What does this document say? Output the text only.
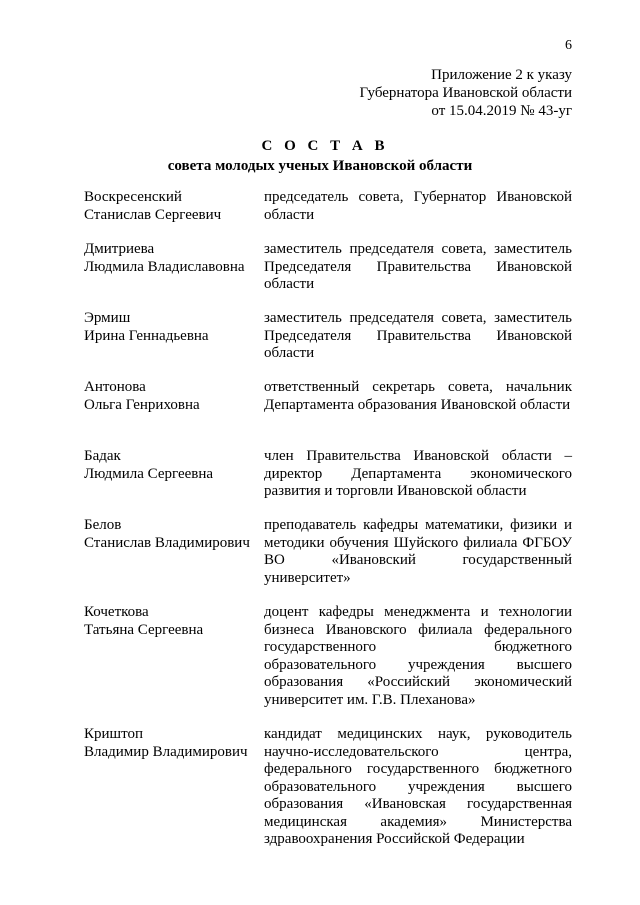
6
Приложение 2 к указу
Губернатора Ивановской области
от 15.04.2019 № 43-уг
С О С Т А В
совета молодых ученых Ивановской области
Воскресенский
Станислав Сергеевич
председатель совета, Губернатор Ивановской области
Дмитриева
Людмила Владиславовна
заместитель председателя совета, заместитель Председателя Правительства Ивановской области
Эрмиш
Ирина Геннадьевна
заместитель председателя совета, заместитель Председателя Правительства Ивановской области
Антонова
Ольга Генриховна
ответственный секретарь совета, начальник Департамента образования Ивановской области
Бадак
Людмила Сергеевна
член Правительства Ивановской области – директор Департамента экономического развития и торговли Ивановской области
Белов
Станислав Владимирович
преподаватель кафедры математики, физики и методики обучения Шуйского филиала ФГБОУ ВО «Ивановский государственный университет»
Кочеткова
Татьяна Сергеевна
доцент кафедры менеджмента и технологии бизнеса Ивановского филиала федерального государственного бюджетного образовательного учреждения высшего образования «Российский экономический университет им. Г.В. Плеханова»
Криштоп
Владимир Владимирович
кандидат медицинских наук, руководитель научно-исследовательского центра, федерального государственного бюджетного образовательного учреждения высшего образования «Ивановская государственная медицинская академия» Министерства здравоохранения Российской Федерации
